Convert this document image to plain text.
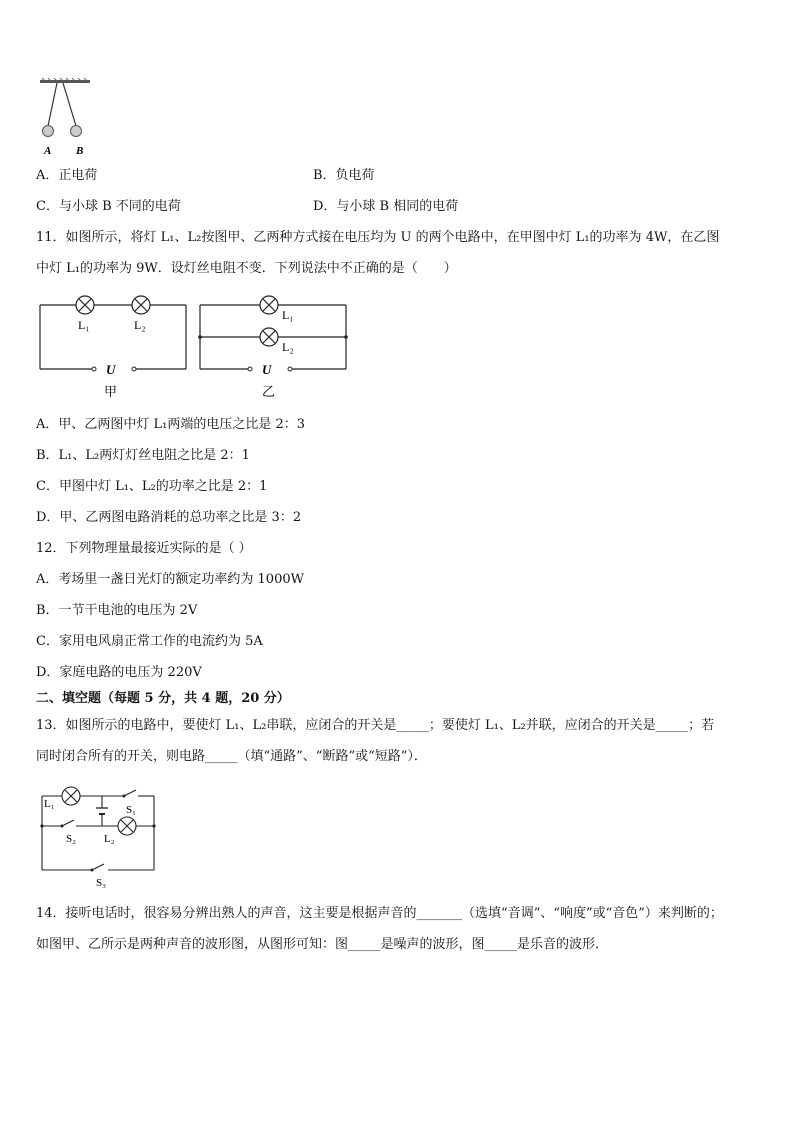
A B
A．正电荷	B．负电荷
C．与小球 B 不同的电荷	D．与小球 B 相同的电荷
11．如图所示，将灯 L₁、L₂按图甲、乙两种方式接在电压均为 U 的两个电路中，在甲图中灯 L₁的功率为 4W，在乙图
中灯 L₁的功率为 9W．设灯丝电阻不变．下列说法中不正确的是（　　）
L₁	L₂
U
甲
L₁
L₂
U
乙
A．甲、乙两图中灯 L₁两端的电压之比是 2：3
B．L₁、L₂两灯灯丝电阻之比是 2：1
C．甲图中灯 L₁、L₂的功率之比是 2：1
D．甲、乙两图电路消耗的总功率之比是 3：2
12．下列物理量最接近实际的是（ ）
A．考场里一盏日光灯的额定功率约为 1000W
B．一节干电池的电压为 2V
C．家用电风扇正常工作的电流约为 5A
D．家庭电路的电压为 220V
二、填空题（每题 5 分，共 4 题，20 分）
13．如图所示的电路中，要使灯 L₁、L₂串联，应闭合的开关是_____；要使灯 L₁、L₂并联，应闭合的开关是_____；若
同时闭合所有的开关，则电路_____（填“通路”、“断路”或“短路”）．
L₁
L₂
S₁
S₂
S₃
14．接听电话时，很容易分辨出熟人的声音，这主要是根据声音的_______（选填“音调”、“响度”或“音色”）来判断的；
如图甲、乙所示是两种声音的波形图，从图形可知：图_____是噪声的波形，图_____是乐音的波形．
